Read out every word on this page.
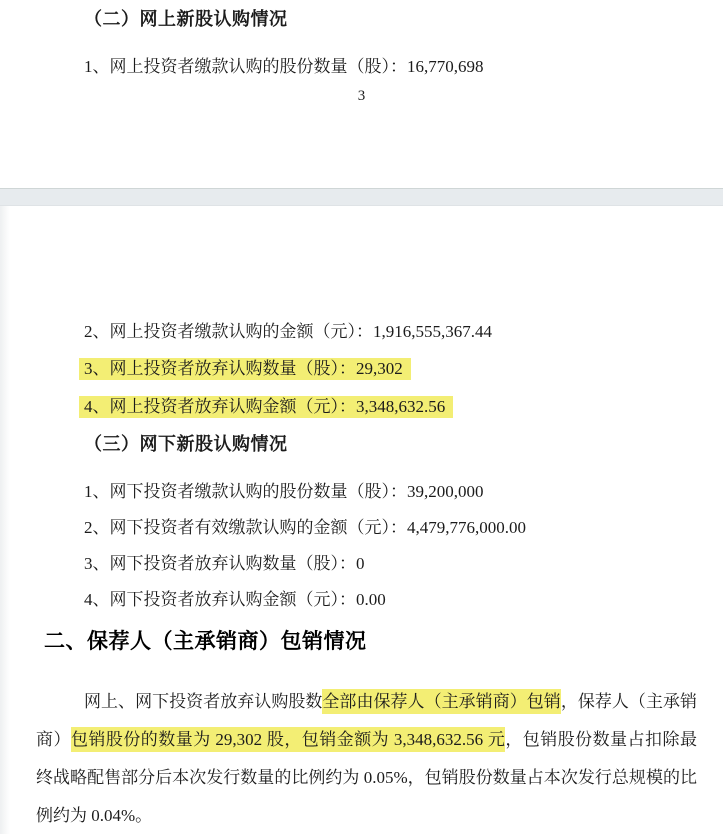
（二）网上新股认购情况
1、网上投资者缴款认购的股份数量（股）：16,770,698
3
2、网上投资者缴款认购的金额（元）：1,916,555,367.44
3、网上投资者放弃认购数量（股）：29,302
4、网上投资者放弃认购金额（元）：3,348,632.56
（三）网下新股认购情况
1、网下投资者缴款认购的股份数量（股）：39,200,000
2、网下投资者有效缴款认购的金额（元）：4,479,776,000.00
3、网下投资者放弃认购数量（股）：0
4、网下投资者放弃认购金额（元）：0.00
二、保荐人（主承销商）包销情况

网上、网下投资者放弃认购股数全部由保荐人（主承销商）包销，保荐人（主承销商）包销股份的数量为 29,302 股，包销金额为 3,348,632.56 元，包销股份数量占扣除最终战略配售部分后本次发行数量的比例约为 0.05%，包销股份数量占本次发行总规模的比例约为 0.04%。
